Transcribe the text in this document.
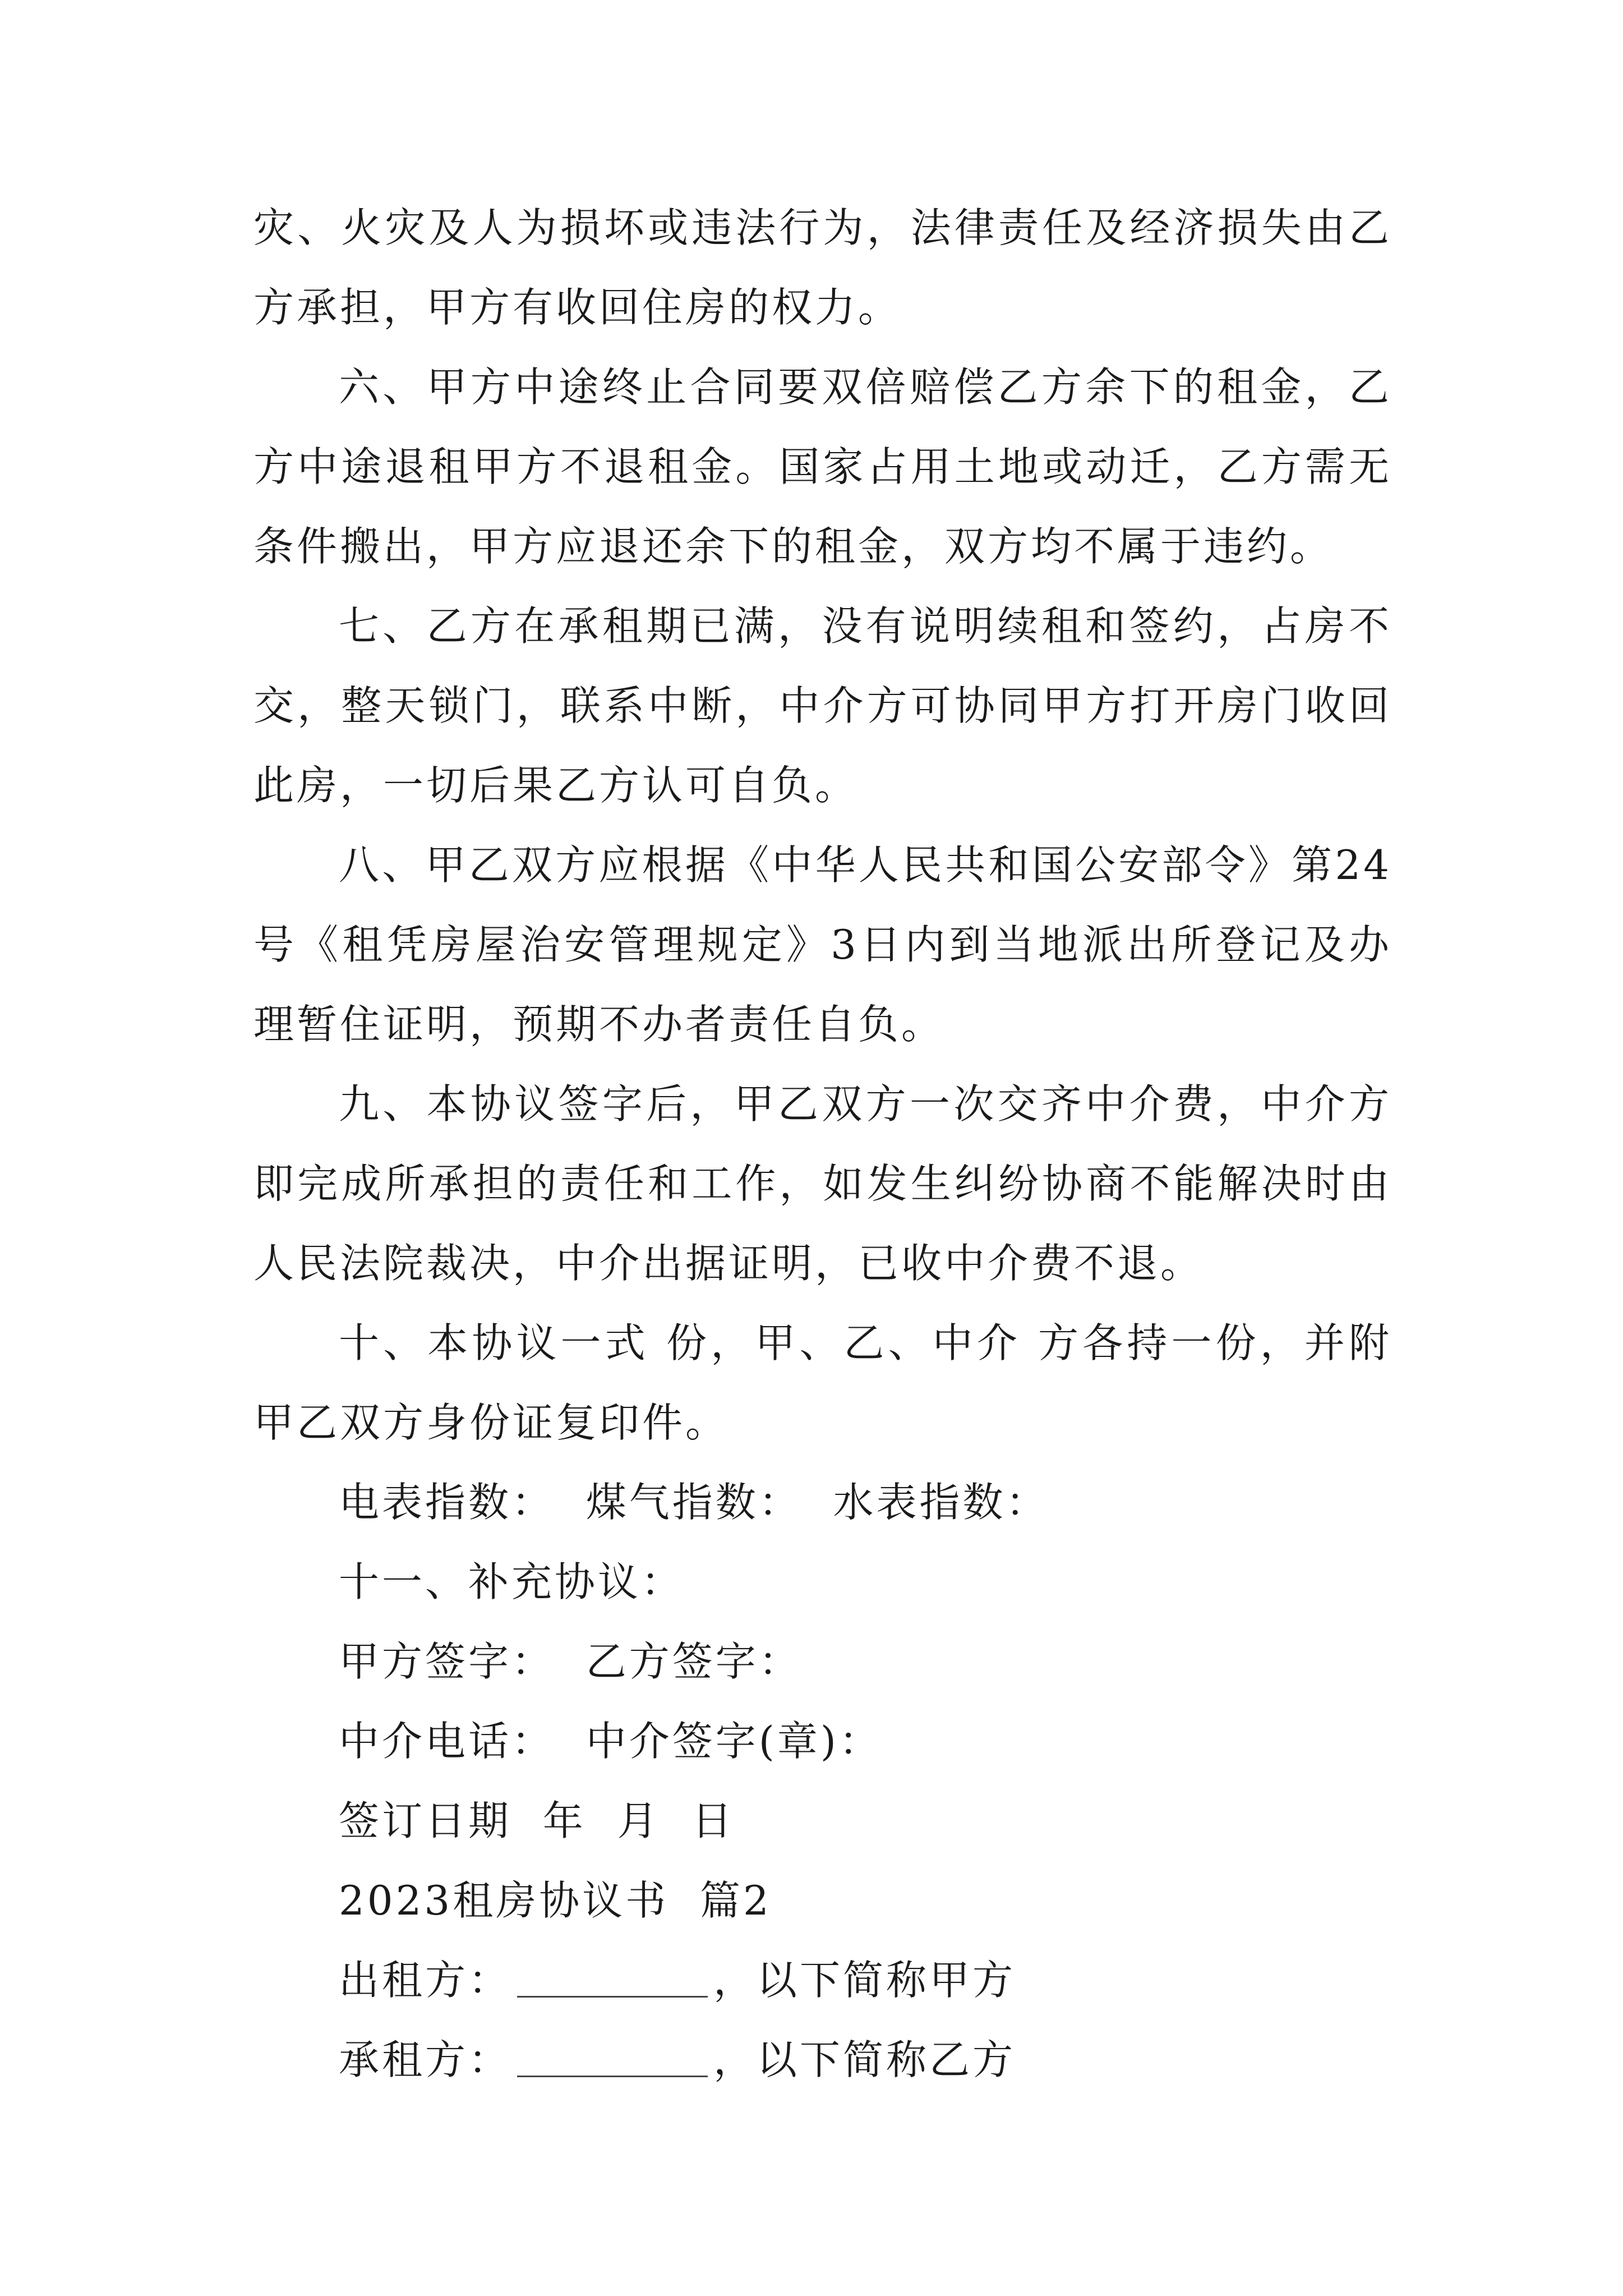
灾、火灾及人为损坏或违法行为，法律责任及经济损失由乙方承担，甲方有收回住房的权力。

六、甲方中途终止合同要双倍赔偿乙方余下的租金，乙方中途退租甲方不退租金。国家占用土地或动迁，乙方需无条件搬出，甲方应退还余下的租金，双方均不属于违约。

七、乙方在承租期已满，没有说明续租和签约，占房不交，整天锁门，联系中断，中介方可协同甲方打开房门收回此房，一切后果乙方认可自负。

八、甲乙双方应根据《中华人民共和国公安部令》第24号《租凭房屋治安管理规定》3日内到当地派出所登记及办理暂住证明，预期不办者责任自负。

九、本协议签字后，甲乙双方一次交齐中介费，中介方即完成所承担的责任和工作，如发生纠纷协商不能解决时由人民法院裁决，中介出据证明，已收中介费不退。

十、本协议一式 份，甲、乙、中介 方各持一份，并附甲乙双方身份证复印件。

电表指数：  煤气指数：  水表指数：
十一、补充协议：
甲方签字：  乙方签字：
中介电话：  中介签字(章)：
签订日期  年  月  日
2023租房协议书  篇2
出租方：	，以下简称甲方
承租方：	，以下简称乙方
